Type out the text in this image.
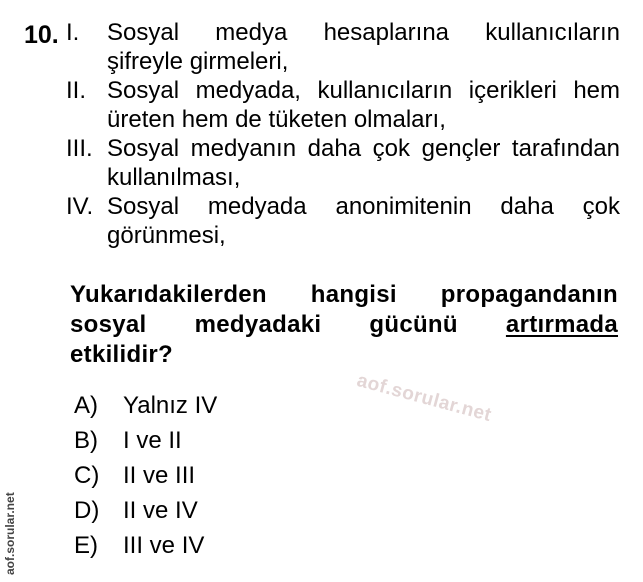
10. I.	Sosyal medya hesaplarına kullanıcıların
şifreyle girmeleri,
II. Sosyal medyada, kullanıcıların içerikleri hem
üreten hem de tüketen olmaları,
III. Sosyal medyanın daha çok gençler tarafından
kullanılması,
IV. Sosyal medyada anonimitenin daha çok
görünmesi,
Yukarıdakilerden hangisi propagandanın
sosyal medyadaki gücünü artırmada
etkilidir?
aof.sorular.net
A)	Yalnız IV
B)	I ve II
C) II ve III
D) II ve IV
E)	III ve IV
aof.sorular.net
